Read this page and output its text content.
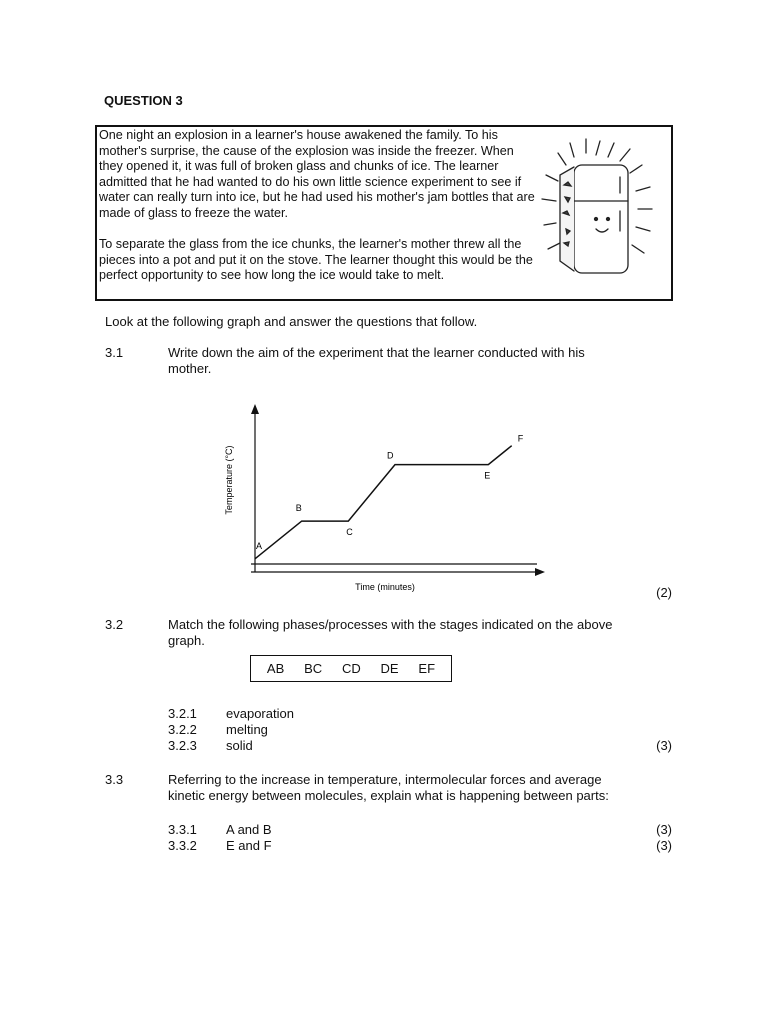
QUESTION 3
One night an explosion in a learner's house awakened the family. To his mother's surprise, the cause of the explosion was inside the freezer. When they opened it, it was full of broken glass and chunks of ice. The learner admitted that he had wanted to do his own little science experiment to see if water can really turn into ice, but he had used his mother's jam bottles that are made of glass to freeze the water.
To separate the glass from the ice chunks, the learner's mother threw all the pieces into a pot and put it on the stove. The learner thought this would be the perfect opportunity to see how long the ice would take to melt.
Look at the following graph and answer the questions that follow.
3.1	Write down the aim of the experiment that the learner conducted with his
mother.
A
B
C
D
E
F
Temperature (°C)
Time (minutes)	(2)
3.2	Match the following phases/processes with the stages indicated on the above
graph.
AB BC CD DE EF
3.2.1 evaporation
3.2.2 melting
3.2.3 solid	(3)
3.3	Referring to the increase in temperature, intermolecular forces and average
kinetic energy between molecules, explain what is happening between parts:
3.3.1 A and B	(3)
3.3.2 E and F	(3)
